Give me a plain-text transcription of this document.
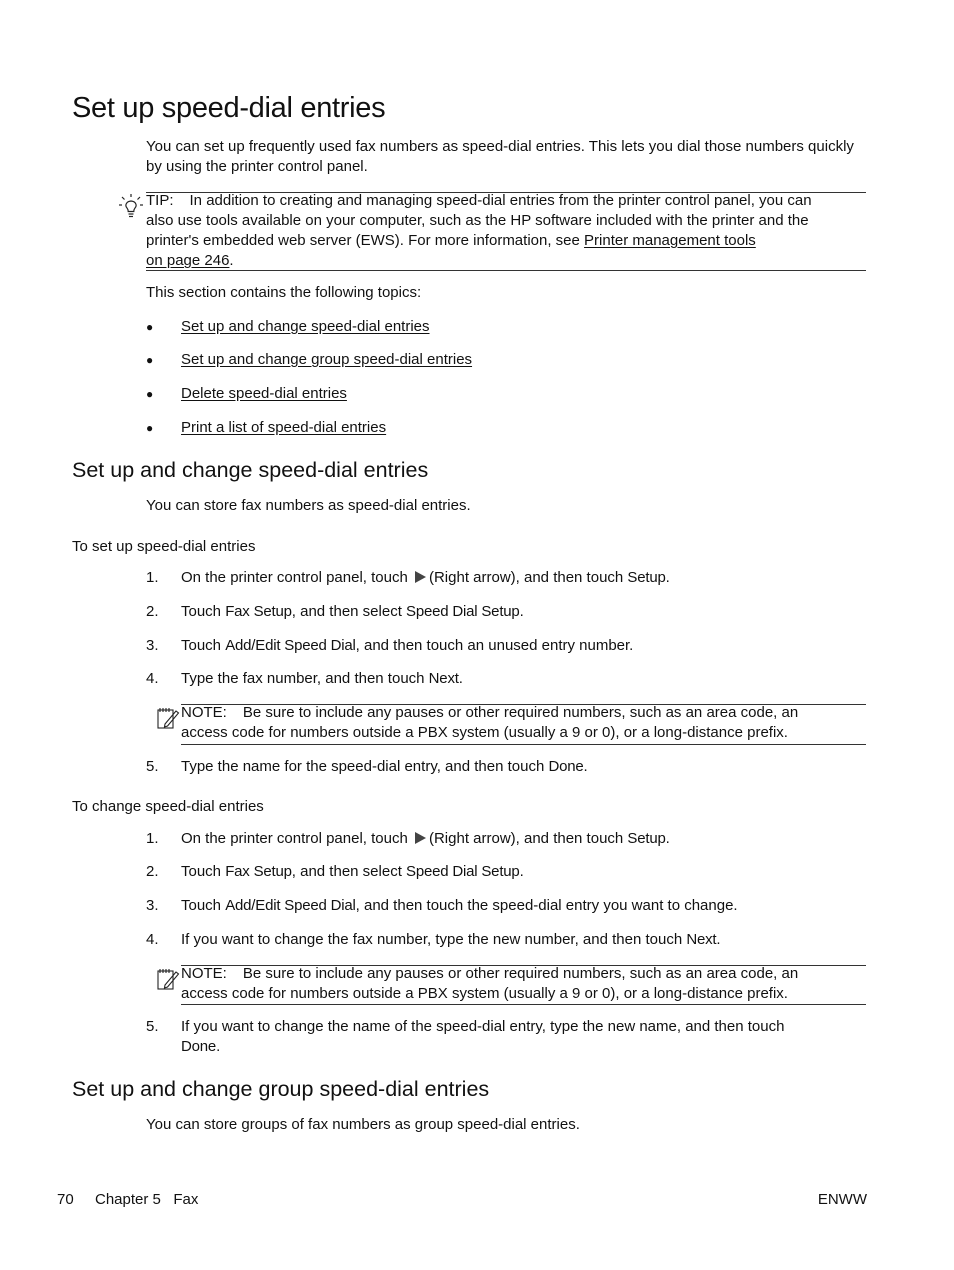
Set up speed-dial entries
You can set up frequently used fax numbers as speed-dial entries. This lets you dial those numbers quickly by using the printer control panel.
TIP: In addition to creating and managing speed-dial entries from the printer control panel, you can
also use tools available on your computer, such as the HP software included with the printer and the
printer's embedded web server (EWS). For more information, see Printer management tools
on page 246.
This section contains the following topics:
●	Set up and change speed-dial entries
●	Set up and change group speed-dial entries
●	Delete speed-dial entries
●	Print a list of speed-dial entries
Set up and change speed-dial entries
You can store fax numbers as speed-dial entries.
To set up speed-dial entries
1. On the printer control panel, touch (Right arrow), and then touch Setup.
2. Touch Fax Setup, and then select Speed Dial Setup.
3. Touch Add/Edit Speed Dial, and then touch an unused entry number.
4. Type the fax number, and then touch Next.
NOTE: Be sure to include any pauses or other required numbers, such as an area code, an
access code for numbers outside a PBX system (usually a 9 or 0), or a long-distance prefix.
5. Type the name for the speed-dial entry, and then touch Done.
To change speed-dial entries
1. On the printer control panel, touch (Right arrow), and then touch Setup.
2. Touch Fax Setup, and then select Speed Dial Setup.
3. Touch Add/Edit Speed Dial, and then touch the speed-dial entry you want to change.
4. If you want to change the fax number, type the new number, and then touch Next.
NOTE: Be sure to include any pauses or other required numbers, such as an area code, an
access code for numbers outside a PBX system (usually a 9 or 0), or a long-distance prefix.
5. If you want to change the name of the speed-dial entry, type the new name, and then touch
Done.
Set up and change group speed-dial entries
You can store groups of fax numbers as group speed-dial entries.
70 Chapter 5   Fax	ENWW
